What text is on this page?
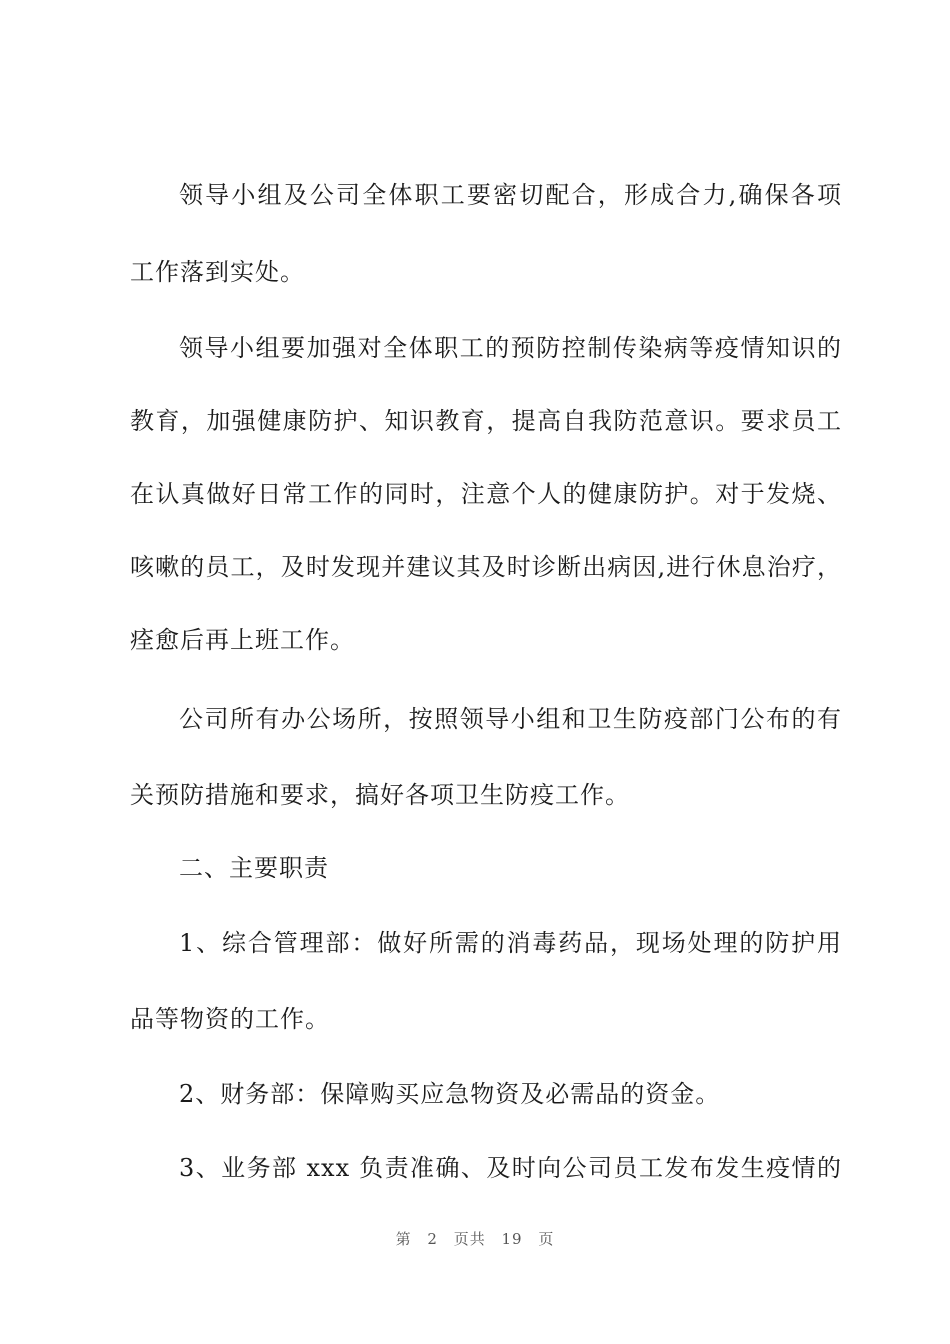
领导小组及公司全体职工要密切配合，形成合力,确保各项
工作落到实处。
领导小组要加强对全体职工的预防控制传染病等疫情知识的
教育，加强健康防护、知识教育，提高自我防范意识。要求员工
在认真做好日常工作的同时，注意个人的健康防护。对于发烧、
咳嗽的员工，及时发现并建议其及时诊断出病因,进行休息治疗，
痊愈后再上班工作。
公司所有办公场所，按照领导小组和卫生防疫部门公布的有
关预防措施和要求，搞好各项卫生防疫工作。
二、主要职责
1、综合管理部：做好所需的消毒药品，现场处理的防护用
品等物资的工作。
2、财务部：保障购买应急物资及必需品的资金。
3、业务部 xxx 负责准确、及时向公司员工发布发生疫情的
第 2 页共 19 页
